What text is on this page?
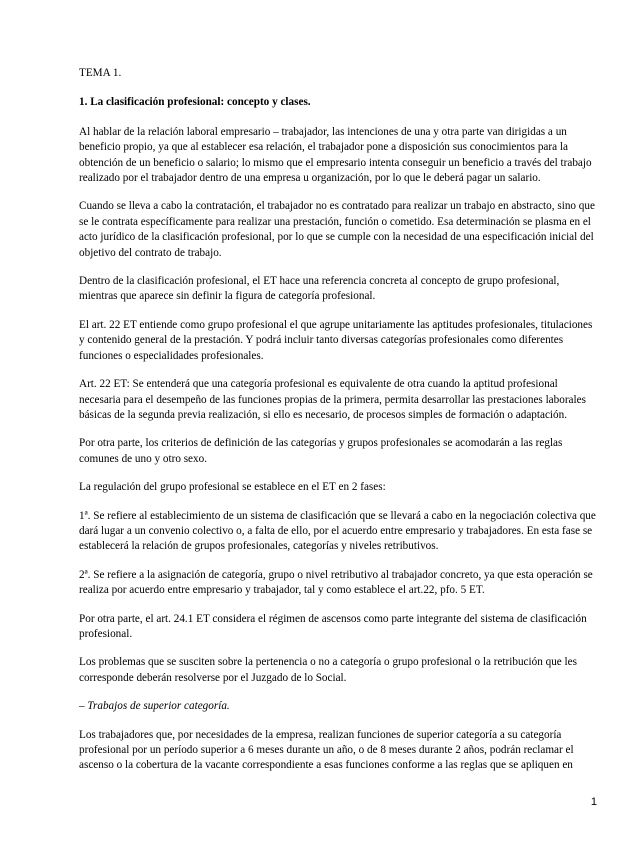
TEMA 1.

1. La clasificación profesional: concepto y clases.

Al hablar de la relación laboral empresario – trabajador, las intenciones de una y otra parte van dirigidas a un beneficio propio, ya que al establecer esa relación, el trabajador pone a disposición sus conocimientos para la obtención de un beneficio o salario; lo mismo que el empresario intenta conseguir un beneficio a través del trabajo realizado por el trabajador dentro de una empresa u organización, por lo que le deberá pagar un salario.

Cuando se lleva a cabo la contratación, el trabajador no es contratado para realizar un trabajo en abstracto, sino que se le contrata específicamente para realizar una prestación, función o cometido. Esa determinación se plasma en el acto jurídico de la clasificación profesional, por lo que se cumple con la necesidad de una especificación inicial del objetivo del contrato de trabajo.

Dentro de la clasificación profesional, el ET hace una referencia concreta al concepto de grupo profesional, mientras que aparece sin definir la figura de categoría profesional.

El art. 22 ET entiende como grupo profesional el que agrupe unitariamente las aptitudes profesionales, titulaciones y contenido general de la prestación. Y podrá incluir tanto diversas categorías profesionales como diferentes funciones o especialidades profesionales.

Art. 22 ET: Se entenderá que una categoría profesional es equivalente de otra cuando la aptitud profesional necesaria para el desempeño de las funciones propias de la primera, permita desarrollar las prestaciones laborales básicas de la segunda previa realización, si ello es necesario, de procesos simples de formación o adaptación.

Por otra parte, los criterios de definición de las categorías y grupos profesionales se acomodarán a las reglas comunes de uno y otro sexo.

La regulación del grupo profesional se establece en el ET en 2 fases:

1ª. Se refiere al establecimiento de un sistema de clasificación que se llevará a cabo en la negociación colectiva que dará lugar a un convenio colectivo o, a falta de ello, por el acuerdo entre empresario y trabajadores. En esta fase se establecerá la relación de grupos profesionales, categorías y niveles retributivos.

2ª. Se refiere a la asignación de categoría, grupo o nivel retributivo al trabajador concreto, ya que esta operación se realiza por acuerdo entre empresario y trabajador, tal y como establece el art.22, pfo. 5 ET.

Por otra parte, el art. 24.1 ET considera el régimen de ascensos como parte integrante del sistema de clasificación profesional.

Los problemas que se susciten sobre la pertenencia o no a categoría o grupo profesional o la retribución que les corresponde deberán resolverse por el Juzgado de lo Social.

– Trabajos de superior categoría.

Los trabajadores que, por necesidades de la empresa, realizan funciones de superior categoría a su categoría profesional por un período superior a 6 meses durante un año, o de 8 meses durante 2 años, podrán reclamar el ascenso o la cobertura de la vacante correspondiente a esas funciones conforme a las reglas que se apliquen en

1
